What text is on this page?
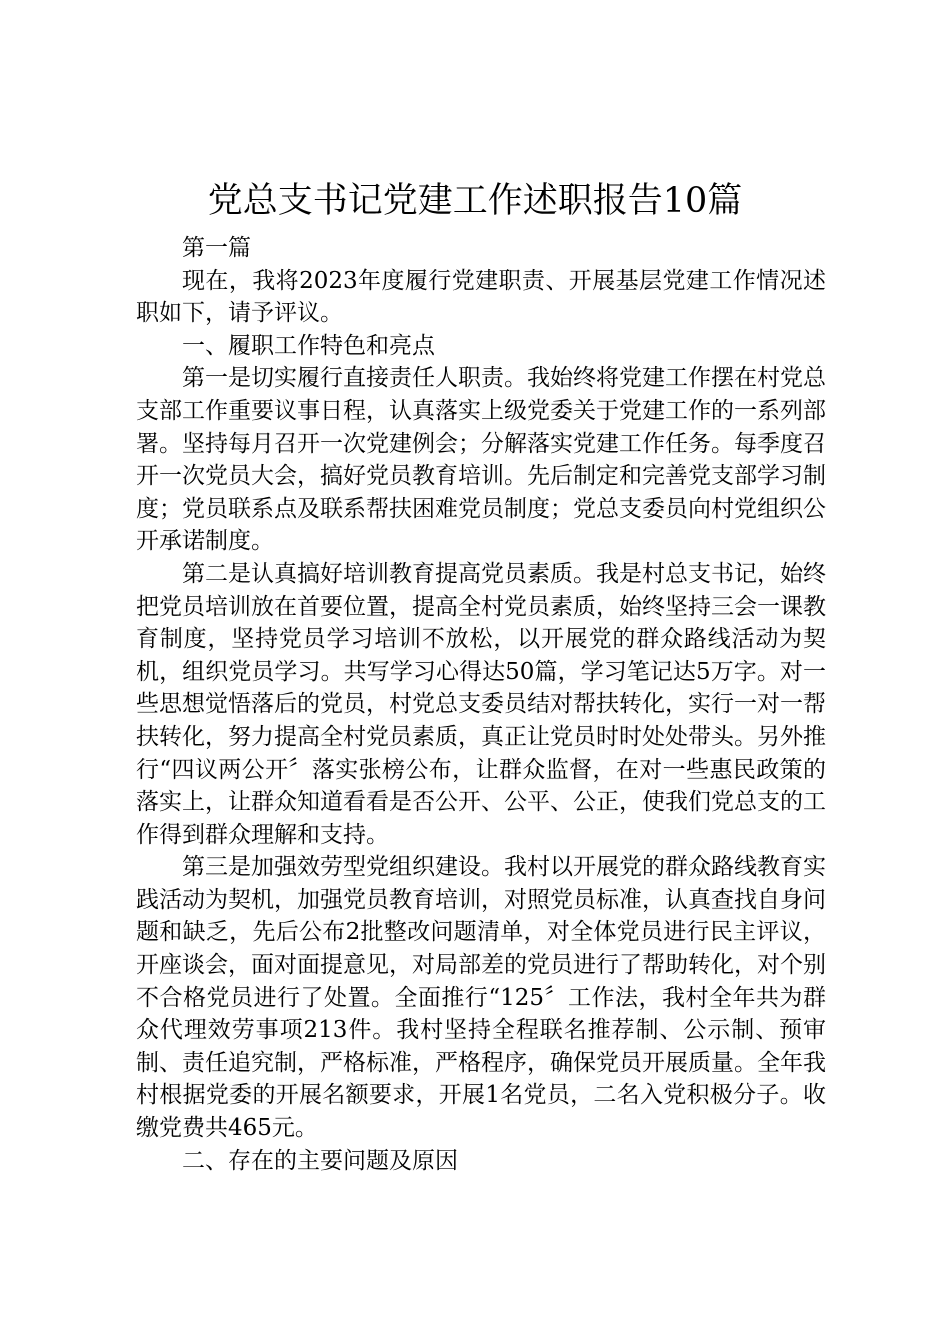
党总支书记党建工作述职报告10篇

第一篇

现在，我将2023年度履行党建职责、开展基层党建工作情况述职如下，请予评议。

一、履职工作特色和亮点

第一是切实履行直接责任人职责。我始终将党建工作摆在村党总支部工作重要议事日程，认真落实上级党委关于党建工作的一系列部署。坚持每月召开一次党建例会；分解落实党建工作任务。每季度召开一次党员大会，搞好党员教育培训。先后制定和完善党支部学习制度；党员联系点及联系帮扶困难党员制度；党总支委员向村党组织公开承诺制度。

第二是认真搞好培训教育提高党员素质。我是村总支书记，始终把党员培训放在首要位置，提高全村党员素质，始终坚持三会一课教育制度，坚持党员学习培训不放松，以开展党的群众路线活动为契机，组织党员学习。共写学习心得达50篇，学习笔记达5万字。对一些思想觉悟落后的党员，村党总支委员结对帮扶转化，实行一对一帮扶转化，努力提高全村党员素质，真正让党员时时处处带头。另外推行“四议两公开〞落实张榜公布，让群众监督，在对一些惠民政策的落实上，让群众知道看看是否公开、公平、公正，使我们党总支的工作得到群众理解和支持。

第三是加强效劳型党组织建设。我村以开展党的群众路线教育实践活动为契机，加强党员教育培训，对照党员标准，认真查找自身问题和缺乏，先后公布2批整改问题清单，对全体党员进行民主评议，开座谈会，面对面提意见，对局部差的党员进行了帮助转化，对个别不合格党员进行了处置。全面推行“125〞工作法，我村全年共为群众代理效劳事项213件。我村坚持全程联名推荐制、公示制、预审制、责任追究制，严格标准，严格程序，确保党员开展质量。全年我村根据党委的开展名额要求，开展1名党员，二名入党积极分子。收缴党费共465元。

二、存在的主要问题及原因
